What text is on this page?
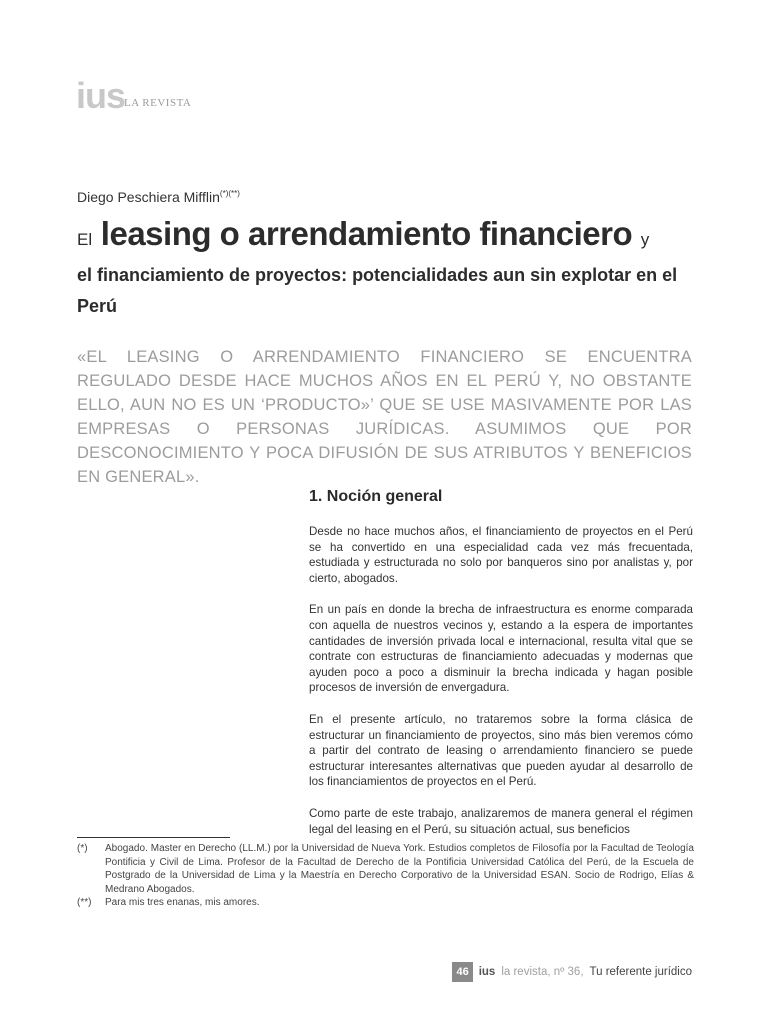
ius
LA REVISTA
Diego Peschiera Mifflin(*)(**)
El leasing o arrendamiento financiero y
el financiamiento de proyectos: potencialidades aun sin explotar en el Perú
«EL LEASING O ARRENDAMIENTO FINANCIERO SE ENCUENTRA REGULADO DESDE HACE MUCHOS AÑOS EN EL PERÚ Y, NO OBSTANTE ELLO, AUN NO ES UN ‘PRODUCTO»’ QUE SE USE MASIVAMENTE POR LAS EMPRESAS O PERSONAS JURÍDICAS. ASUMIMOS QUE POR DESCONOCIMIENTO Y POCA DIFUSIÓN DE SUS ATRIBUTOS Y BENEFICIOS EN GENERAL».
1. Noción general

Desde no hace muchos años, el financiamiento de proyectos en el Perú se ha convertido en una especialidad cada vez más frecuentada, estudiada y estructurada no solo por banqueros sino por analistas y, por cierto, abogados.

En un país en donde la brecha de infraestructura es enorme comparada con aquella de nuestros vecinos y, estando a la espera de importantes cantidades de inversión privada local e internacional, resulta vital que se contrate con estructuras de financiamiento adecuadas y modernas que ayuden poco a poco a disminuir la brecha indicada y hagan posible procesos de inversión de envergadura.

En el presente artículo, no trataremos sobre la forma clásica de estructurar un financiamiento de proyectos, sino más bien veremos cómo a partir del contrato de leasing o arrendamiento financiero se puede estructurar interesantes alternativas que pueden ayudar al desarrollo de los financiamientos de proyectos en el Perú.

Como parte de este trabajo, analizaremos de manera general el régimen legal del leasing en el Perú, su situación actual, sus beneficios

(*)	Abogado. Master en Derecho (LL.M.) por la Universidad de Nueva York. Estudios completos de Filosofía por la Facultad de Teología Pontificia y Civil de Lima. Profesor de la Facultad de Derecho de la Pontificia Universidad Católica del Perú, de la Escuela de Postgrado de la Universidad de Lima y la Maestría en Derecho Corporativo de la Universidad ESAN. Socio de Rodrigo, Elías & Medrano Abogados.
(**)	Para mis tres enanas, mis amores.
46 ius la revista, nº 36, Tu referente jurídico
